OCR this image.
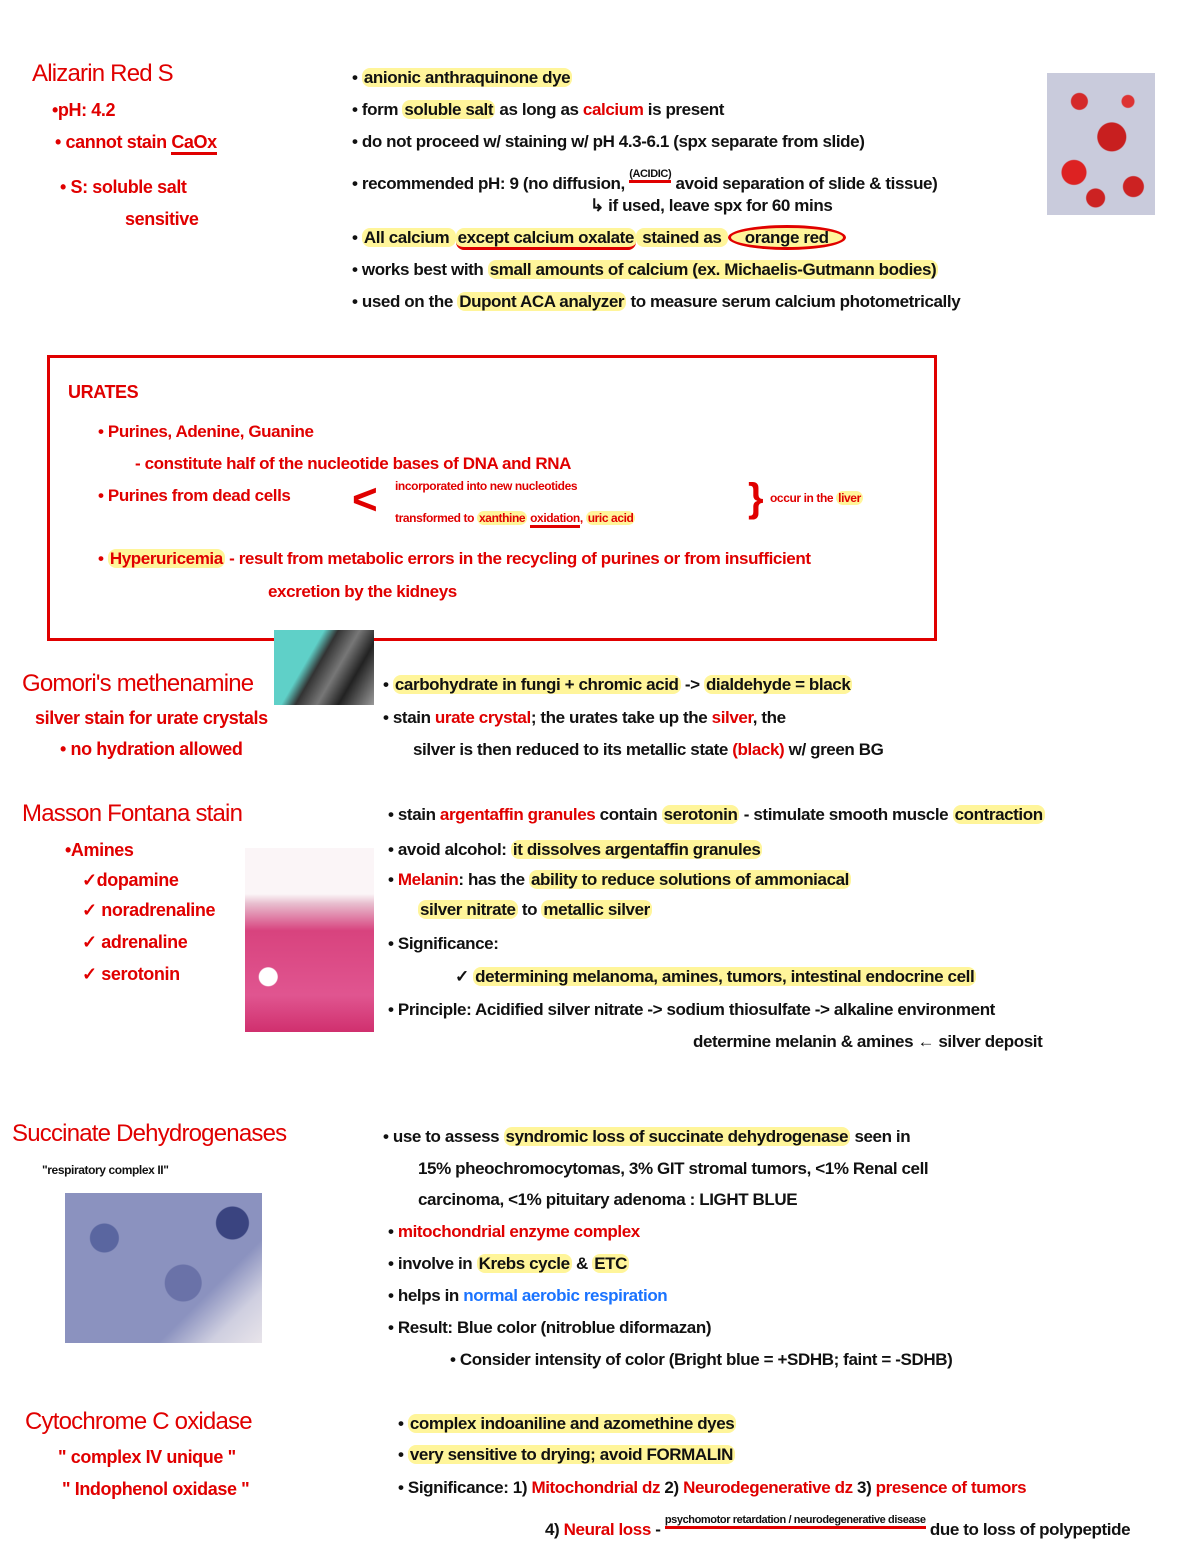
<	}
Alizarin Red S
•pH: 4.2
• cannot stain CaOx
• S: soluble salt
sensitive
• anionic anthraquinone dye
• form soluble salt as long as calcium is present
• do not proceed w/ staining w/ pH 4.3-6.1 (spx separate from slide)
• recommended pH: 9 (no diffusion, $^{(ACIDIC)}$ avoid separation of slide & tissue)
↳ if used, leave spx for 60 mins
• All calcium except calcium oxalate stained as orange red
• works best with small amounts of calcium (ex. Michaelis-Gutmann bodies)
• used on the Dupont ACA analyzer to measure serum calcium photometrically
URATES
• Purines, Adenine, Guanine
- constitute half of the nucleotide bases of DNA and RNA
• Purines from dead cells	incorporated into new nucleotides
transformed to xanthine oxidation, uric acid
occur in the liver
• Hyperuricemia - result from metabolic errors in the recycling of purines or from insufficient
excretion by the kidneys
Gomori's methenamine
silver stain for urate crystals
• no hydration allowed
• carbohydrate in fungi + chromic acid -> dialdehyde = black
• stain urate crystal; the urates take up the silver, the
silver is then reduced to its metallic state (black) w/ green BG
Masson Fontana stain
•Amines
✓dopamine
✓ noradrenaline
✓ adrenaline
✓ serotonin
• stain argentaffin granules contain serotonin - stimulate smooth muscle contraction
• avoid alcohol: it dissolves argentaffin granules
• Melanin: has the ability to reduce solutions of ammoniacal
silver nitrate to metallic silver
• Significance:
✓ determining melanoma, amines, tumors, intestinal endocrine cell
• Principle: Acidified silver nitrate -> sodium thiosulfate -> alkaline environment
determine melanin & amines ← silver deposit
Succinate Dehydrogenases
"respiratory complex II"
• use to assess syndromic loss of succinate dehydrogenase seen in
15% pheochromocytomas, 3% GIT stromal tumors, <1% Renal cell
carcinoma, <1% pituitary adenoma : LIGHT BLUE
• mitochondrial enzyme complex
• involve in Krebs cycle & ETC
• helps in normal aerobic respiration
• Result: Blue color (nitroblue diformazan)
• Consider intensity of color (Bright blue = +SDHB; faint = -SDHB)
Cytochrome C oxidase
" complex IV unique "
" Indophenol oxidase "
• complex indoaniline and azomethine dyes
• very sensitive to drying; avoid FORMALIN
• Significance: 1) Mitochondrial dz 2) Neurodegenerative dz 3) presence of tumors
4) Neural loss - $^{psychomotor retardation / neurodegenerative disease}$ due to loss of polypeptide
